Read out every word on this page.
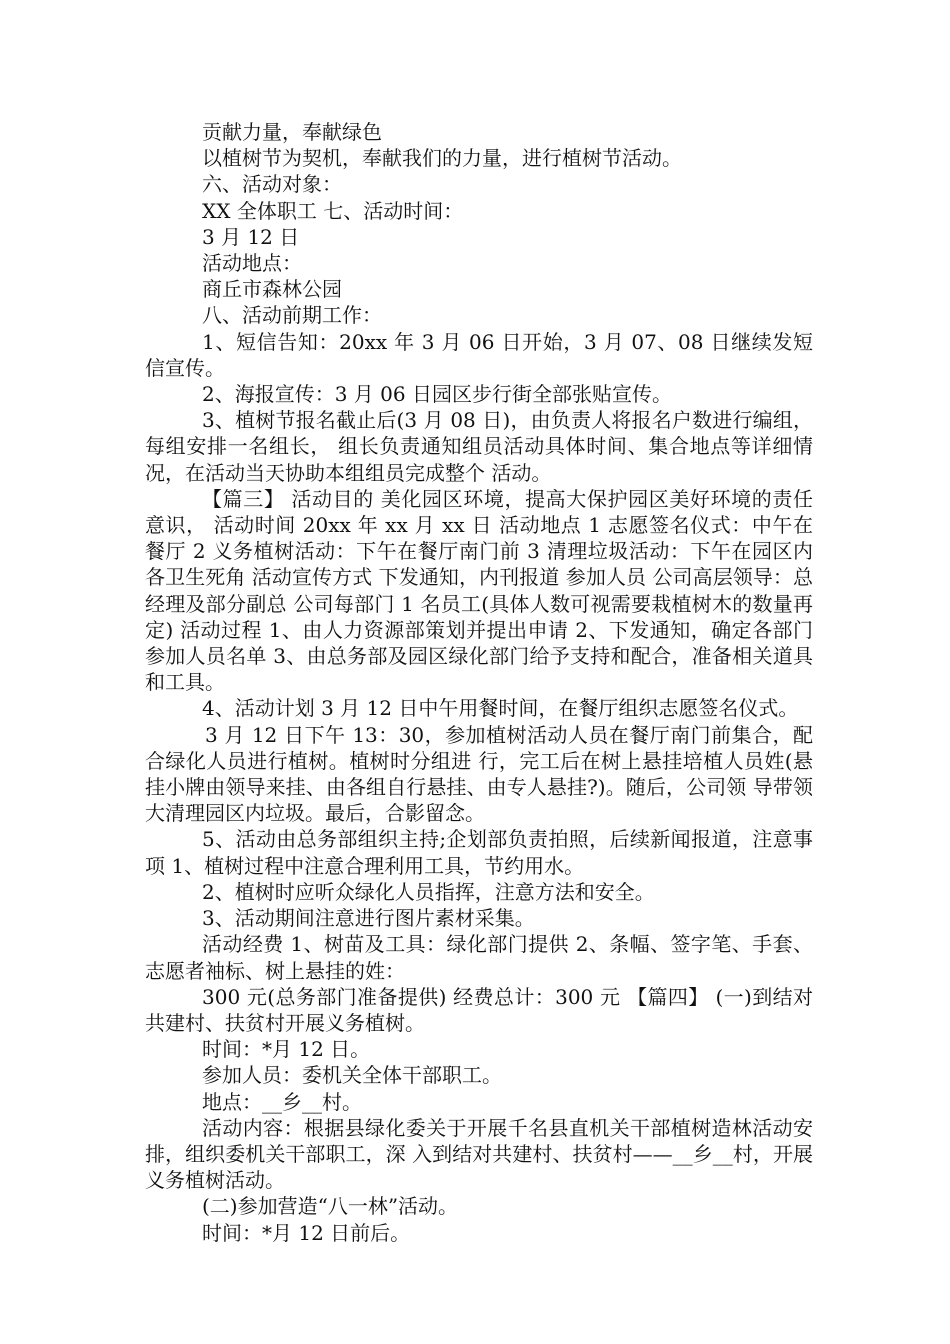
贡献力量，奉献绿色

以植树节为契机，奉献我们的力量，进行植树节活动。

六、活动对象：

XX 全体职工 七、活动时间：

3 月 12 日

活动地点：

商丘市森林公园

八、活动前期工作：

1、短信告知：20xx 年 3 月 06 日开始，3 月 07、08 日继续发短信宣传。

2、海报宣传：3 月 06 日园区步行街全部张贴宣传。

3、植树节报名截止后(3 月 08 日)，由负责人将报名户数进行编组，每组安排一名组长， 组长负责通知组员活动具体时间、集合地点等详细情况，在活动当天协助本组组员完成整个 活动。

【篇三】 活动目的 美化园区环境，提高大保护园区美好环境的责任意识， 活动时间 20xx 年 xx 月 xx 日 活动地点 1 志愿签名仪式：中午在餐厅 2 义务植树活动：下午在餐厅南门前 3 清理垃圾活动：下午在园区内各卫生死角 活动宣传方式 下发通知，内刊报道 参加人员 公司高层领导：总经理及部分副总 公司每部门 1 名员工(具体人数可视需要栽植树木的数量再定) 活动过程 1、由人力资源部策划并提出申请 2、下发通知，确定各部门参加人员名单 3、由总务部及园区绿化部门给予支持和配合，准备相关道具和工具。

4、活动计划 3 月 12 日中午用餐时间，在餐厅组织志愿签名仪式。

3 月 12 日下午 13：30，参加植树活动人员在餐厅南门前集合，配合绿化人员进行植树。植树时分组进 行，完工后在树上悬挂培植人员姓(悬挂小牌由领导来挂、由各组自行悬挂、由专人悬挂?)。随后，公司领 导带领大清理园区内垃圾。最后，合影留念。

5、活动由总务部组织主持;企划部负责拍照，后续新闻报道，注意事项 1、植树过程中注意合理利用工具，节约用水。

2、植树时应听众绿化人员指挥，注意方法和安全。

3、活动期间注意进行图片素材采集。

活动经费 1、树苗及工具：绿化部门提供 2、条幅、签字笔、手套、志愿者袖标、树上悬挂的姓：

300 元(总务部门准备提供) 经费总计：300 元 【篇四】 (一)到结对共建村、扶贫村开展义务植树。

时间：*月 12 日。

参加人员：委机关全体干部职工。

地点：__乡__村。

活动内容：根据县绿化委关于开展千名县直机关干部植树造林活动安排，组织委机关干部职工，深 入到结对共建村、扶贫村——__乡__村，开展义务植树活动。

(二)参加营造“八一林”活动。

时间：*月 12 日前后。
